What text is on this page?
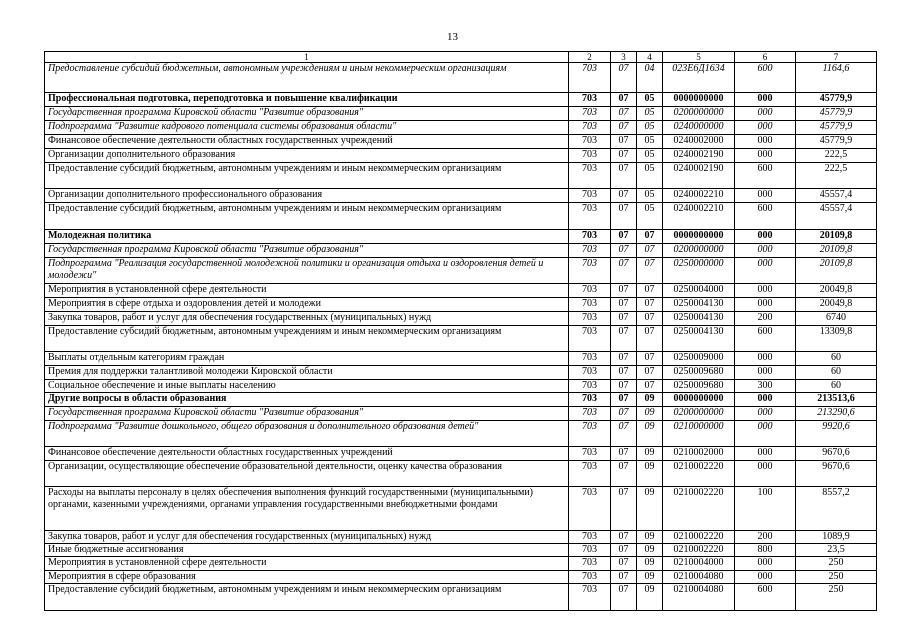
13
1	2	3	4	5	6	7
Предоставление субсидий бюджетным, автономным учреждениям и иным некоммерческим организациям	703	07	04	023Е6Д1634	600	1164,6
Профессиональная подготовка, переподготовка и повышение квалификации	703	07	05	0000000000	000	45779,9
Государственная программа Кировской области "Развитие образования"	703	07	05	0200000000	000	45779,9
Подпрограмма "Развитие кадрового потенциала системы образования области"	703	07	05	0240000000	000	45779,9
Финансовое обеспечение деятельности областных государственных учреждений	703	07	05	0240002000	000	45779,9
Организации дополнительного образования	703	07	05	0240002190	000	222,5
Предоставление субсидий бюджетным, автономным учреждениям и иным некоммерческим организациям	703	07	05	0240002190	600	222,5
Организации дополнительного профессионального образования	703	07	05	0240002210	000	45557,4
Предоставление субсидий бюджетным, автономным учреждениям и иным некоммерческим организациям	703	07	05	0240002210	600	45557,4
Молодежная политика	703	07	07	0000000000	000	20109,8
Государственная программа Кировской области "Развитие образования"	703	07	07	0200000000	000	20109,8
Подпрограмма "Реализация государственной молодежной политики и организация отдыха и оздоровления детей и молодежи"	703	07	07	0250000000	000	20109,8
Мероприятия в установленной сфере деятельности	703	07	07	0250004000	000	20049,8
Мероприятия в сфере отдыха и оздоровления детей и молодежи	703	07	07	0250004130	000	20049,8
Закупка товаров, работ и услуг для обеспечения государственных (муниципальных) нужд	703	07	07	0250004130	200	6740
Предоставление субсидий бюджетным, автономным учреждениям и иным некоммерческим организациям	703	07	07	0250004130	600	13309,8
Выплаты отдельным категориям граждан	703	07	07	0250009000	000	60
Премия для поддержки талантливой молодежи Кировской области	703	07	07	0250009680	000	60
Социальное обеспечение и иные выплаты населению	703	07	07	0250009680	300	60
Другие вопросы в области образования	703	07	09	0000000000	000	213513,6
Государственная программа Кировской области "Развитие образования"	703	07	09	0200000000	000	213290,6
Подпрограмма "Развитие дошкольного, общего образования и дополнительного образования детей"	703	07	09	0210000000	000	9920,6
Финансовое обеспечение деятельности областных государственных учреждений	703	07	09	0210002000	000	9670,6
Организации, осуществляющие обеспечение образовательной деятельности, оценку качества образования	703	07	09	0210002220	000	9670,6
Расходы на выплаты персоналу в целях обеспечения выполнения функций государственными (муниципальными) органами, казенными учреждениями, органами управления государственными внебюджетными фондами	703	07	09	0210002220	100	8557,2
Закупка товаров, работ и услуг для обеспечения государственных (муниципальных) нужд	703	07	09	0210002220	200	1089,9
Иные бюджетные ассигнования	703	07	09	0210002220	800	23,5
Мероприятия в установленной сфере деятельности	703	07	09	0210004000	000	250
Мероприятия в сфере образования	703	07	09	0210004080	000	250
Предоставление субсидий бюджетным, автономным учреждениям и иным некоммерческим организациям	703	07	09	0210004080	600	250
